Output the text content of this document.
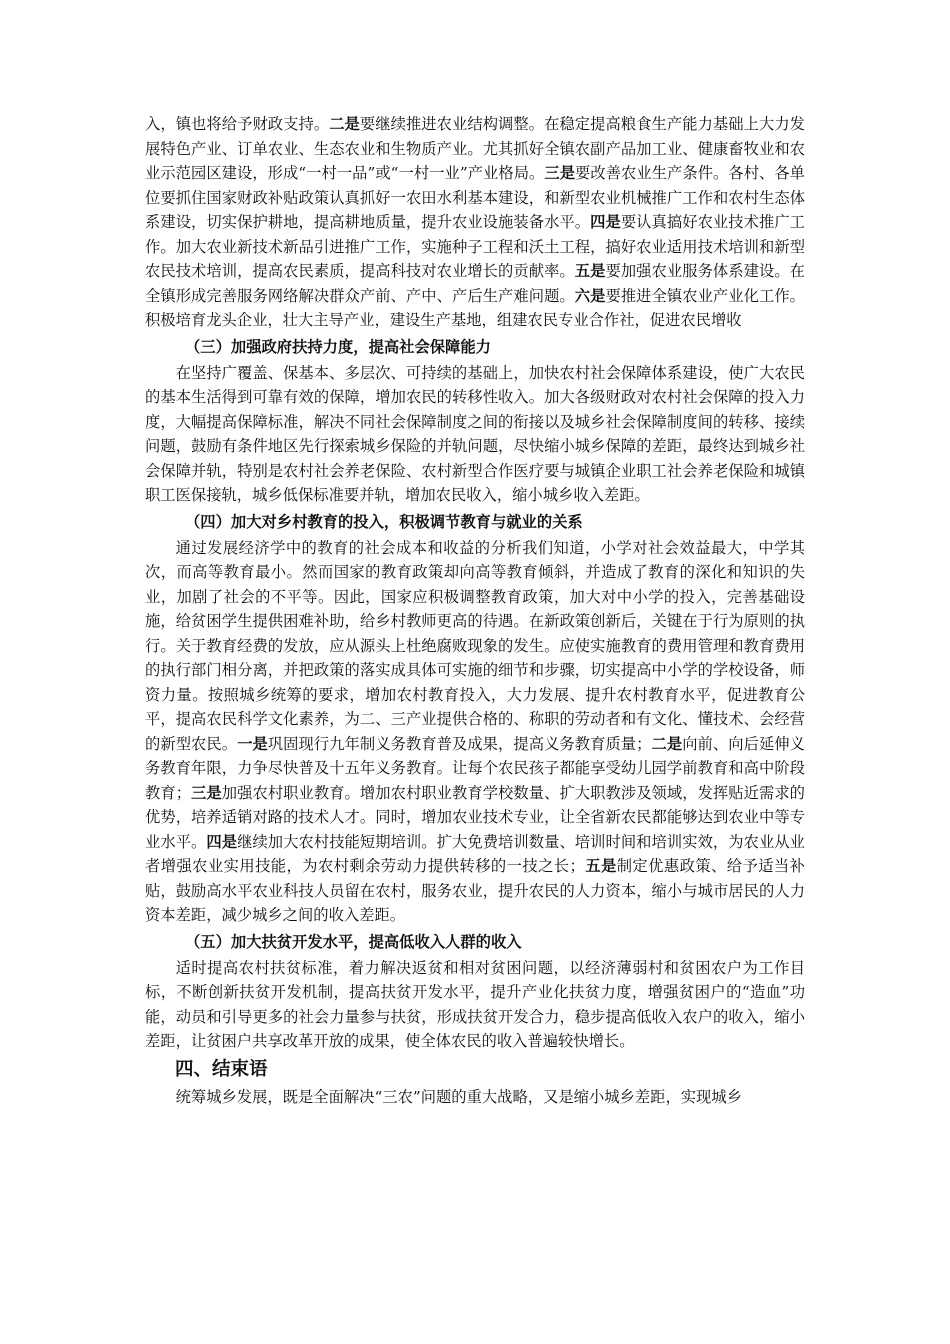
入，镇也将给予财政支持。二是要继续推进农业结构调整。在稳定提高粮食生产能力基础上大力发展特色产业、订单农业、生态农业和生物质产业。尤其抓好全镇农副产品加工业、健康畜牧业和农业示范园区建设，形成“一村一品”或“一村一业”产业格局。三是要改善农业生产条件。各村、各单位要抓住国家财政补贴政策认真抓好一农田水利基本建设，和新型农业机械推广工作和农村生态体系建设，切实保护耕地，提高耕地质量，提升农业设施装备水平。四是要认真搞好农业技术推广工作。加大农业新技术新品引进推广工作，实施种子工程和沃土工程，搞好农业适用技术培训和新型农民技术培训，提高农民素质，提高科技对农业增长的贡献率。五是要加强农业服务体系建设。在全镇形成完善服务网络解决群众产前、产中、产后生产难问题。六是要推进全镇农业产业化工作。积极培育龙头企业，壮大主导产业，建设生产基地，组建农民专业合作社，促进农民增收

（三）加强政府扶持力度，提高社会保障能力

在坚持广覆盖、保基本、多层次、可持续的基础上，加快农村社会保障体系建设，使广大农民的基本生活得到可靠有效的保障，增加农民的转移性收入。加大各级财政对农村社会保障的投入力度，大幅提高保障标准，解决不同社会保障制度之间的衔接以及城乡社会保障制度间的转移、接续问题，鼓励有条件地区先行探索城乡保险的并轨问题，尽快缩小城乡保障的差距，最终达到城乡社会保障并轨，特别是农村社会养老保险、农村新型合作医疗要与城镇企业职工社会养老保险和城镇职工医保接轨，城乡低保标准要并轨，增加农民收入，缩小城乡收入差距。

（四）加大对乡村教育的投入，积极调节教育与就业的关系

通过发展经济学中的教育的社会成本和收益的分析我们知道，小学对社会效益最大，中学其次，而高等教育最小。然而国家的教育政策却向高等教育倾斜，并造成了教育的深化和知识的失业，加剧了社会的不平等。因此，国家应积极调整教育政策，加大对中小学的投入，完善基础设施，给贫困学生提供困难补助，给乡村教师更高的待遇。在新政策创新后，关键在于行为原则的执行。关于教育经费的发放，应从源头上杜绝腐败现象的发生。应使实施教育的费用管理和教育费用的执行部门相分离，并把政策的落实成具体可实施的细节和步骤，切实提高中小学的学校设备，师资力量。按照城乡统筹的要求，增加农村教育投入，大力发展、提升农村教育水平，促进教育公平，提高农民科学文化素养，为二、三产业提供合格的、称职的劳动者和有文化、懂技术、会经营的新型农民。一是巩固现行九年制义务教育普及成果，提高义务教育质量；二是向前、向后延伸义务教育年限，力争尽快普及十五年义务教育。让每个农民孩子都能享受幼儿园学前教育和高中阶段教育；三是加强农村职业教育。增加农村职业教育学校数量、扩大职教涉及领域，发挥贴近需求的优势，培养适销对路的技术人才。同时，增加农业技术专业，让全省新农民都能够达到农业中等专业水平。四是继续加大农村技能短期培训。扩大免费培训数量、培训时间和培训实效，为农业从业者增强农业实用技能，为农村剩余劳动力提供转移的一技之长；五是制定优惠政策、给予适当补贴，鼓励高水平农业科技人员留在农村，服务农业，提升农民的人力资本，缩小与城市居民的人力资本差距，减少城乡之间的收入差距。

（五）加大扶贫开发水平，提高低收入人群的收入

适时提高农村扶贫标准，着力解决返贫和相对贫困问题，以经济薄弱村和贫困农户为工作目标，不断创新扶贫开发机制，提高扶贫开发水平，提升产业化扶贫力度，增强贫困户的“造血”功能，动员和引导更多的社会力量参与扶贫，形成扶贫开发合力，稳步提高低收入农户的收入，缩小差距，让贫困户共享改革开放的成果，使全体农民的收入普遍较快增长。

四、结束语

统筹城乡发展，既是全面解决“三农”问题的重大战略，又是缩小城乡差距，实现城乡
